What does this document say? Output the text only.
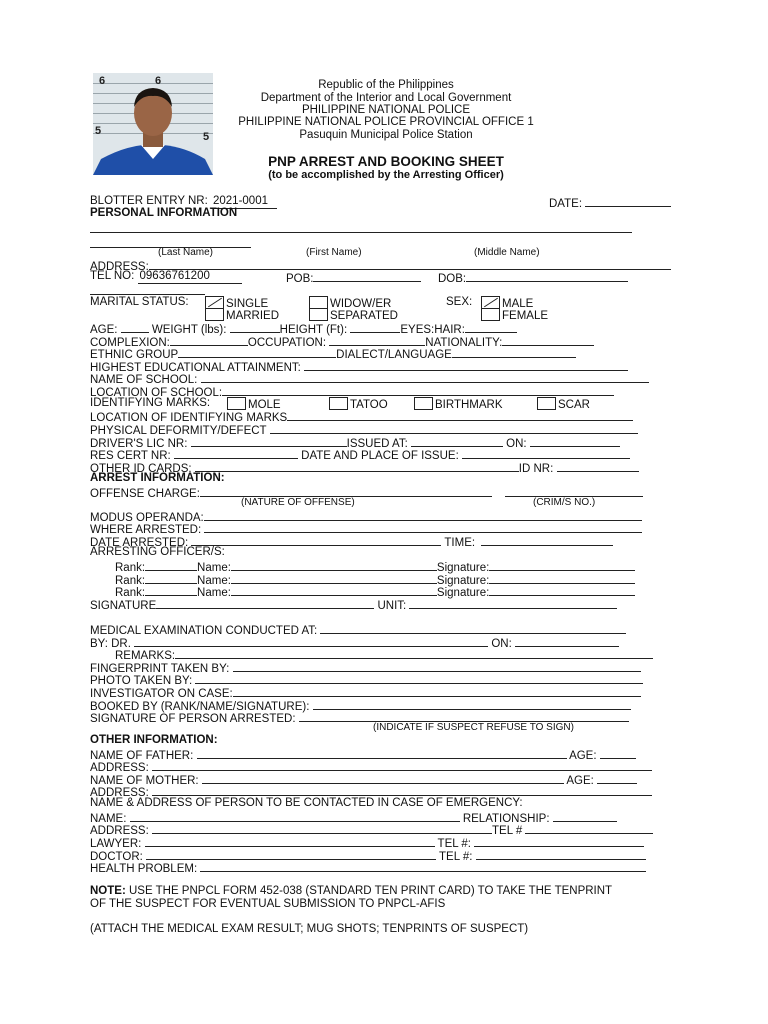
6	6
5	5
Republic of the Philippines
Department of the Interior and Local Government
PHILIPPINE NATIONAL POLICE
PHILIPPINE NATIONAL POLICE PROVINCIAL OFFICE 1
Pasuquin Municipal Police Station
PNP ARREST AND BOOKING SHEET
(to be accomplished by the Arresting Officer)
BLOTTER ENTRY NR: 2021-0001	DATE:
PERSONAL INFORMATION
(Last Name)	(First Name)	(Middle Name)
ADDRESS:
TEL NO: 09636761200	POB:	DOB:
MARITAL STATUS:	SINGLE
MARRIED
WIDOW/ER
SEPARATED
SEX:	MALE
FEMALE
AGE:	WEIGHT (lbs):	HEIGHT (Ft):	EYES:HAIR:
COMPLEXION:	OCCUPATION:	NATIONALITY:
ETHNIC GROUP	DIALECT/LANGUAGE
HIGHEST EDUCATIONAL ATTAINMENT:
NAME OF SCHOOL:
LOCATION OF SCHOOL:
IDENTIFYING MARKS:	MOLE	TATOO	BIRTHMARK	SCAR
LOCATION OF IDENTIFYING MARKS
PHYSICAL DEFORMITY/DEFECT
DRIVER'S LIC NR:	ISSUED AT:	ON:
RES CERT NR:	DATE AND PLACE OF ISSUE:
OTHER ID CARDS:	ID NR:
ARREST INFORMATION:
OFFENSE CHARGE:
(NATURE OF OFFENSE)	(CRIM/S NO.)
MODUS OPERANDA:
WHERE ARRESTED:
DATE ARRESTED:	TIME:
ARRESTING OFFICER/S:
Rank:	Name:	Signature:
Rank:	Name:	Signature:
Rank:	Name:	Signature:
SIGNATURE	UNIT:
MEDICAL EXAMINATION CONDUCTED AT:
BY: DR.	ON:
REMARKS:
FINGERPRINT TAKEN BY:
PHOTO TAKEN BY:
INVESTIGATOR ON CASE:
BOOKED BY (RANK/NAME/SIGNATURE):
SIGNATURE OF PERSON ARRESTED:
(INDICATE IF SUSPECT REFUSE TO SIGN)
OTHER INFORMATION:
NAME OF FATHER:	AGE:
ADDRESS:
NAME OF MOTHER:	AGE:
ADDRESS:
NAME & ADDRESS OF PERSON TO BE CONTACTED IN CASE OF EMERGENCY:
NAME:	RELATIONSHIP:
ADDRESS:	TEL #
LAWYER:	TEL #:
DOCTOR:	TEL #:
HEALTH PROBLEM:
NOTE: USE THE PNPCL FORM 452-038 (STANDARD TEN PRINT CARD) TO TAKE THE TENPRINT
OF THE SUSPECT FOR EVENTUAL SUBMISSION TO PNPCL-AFIS
(ATTACH THE MEDICAL EXAM RESULT; MUG SHOTS; TENPRINTS OF SUSPECT)
